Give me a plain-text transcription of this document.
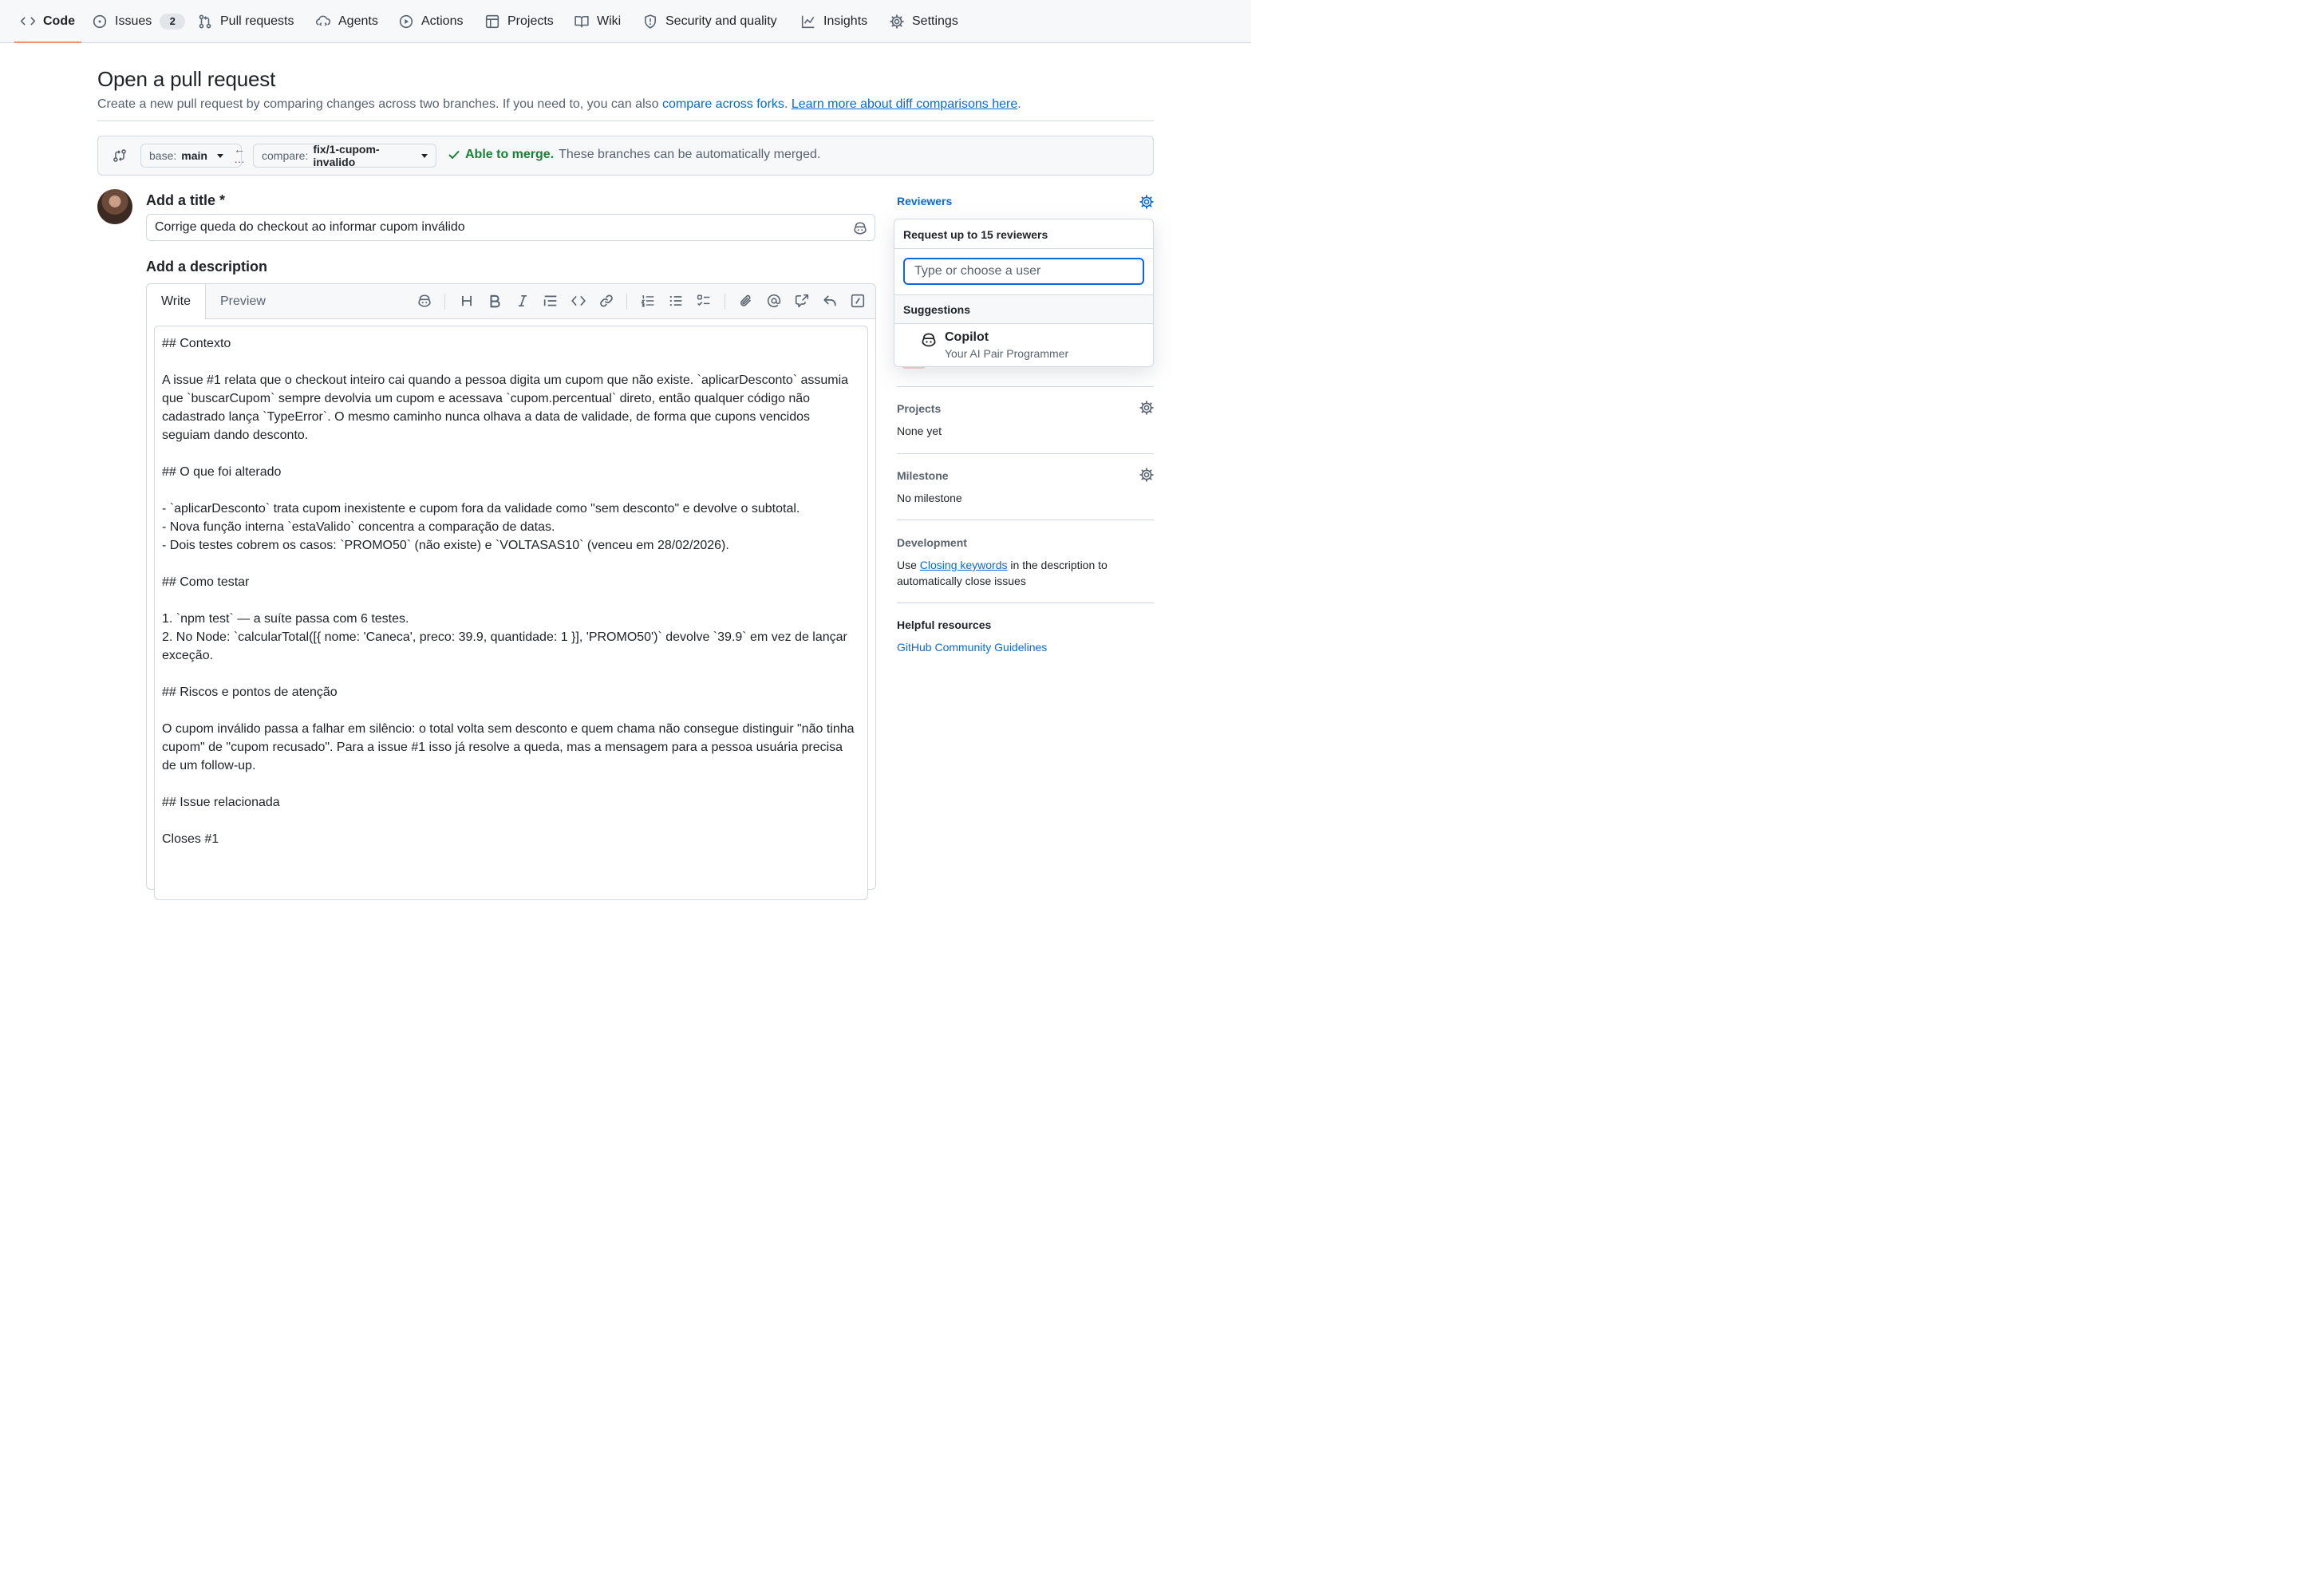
Code	Issues	2	Pull requests	Agents	Actions	Projects	Wiki	Security and quality	Insights	Settings
Open a pull request
Create a new pull request by comparing changes across two branches. If you need to, you can also compare across forks. Learn more about diff comparisons here.
base: main ←
… compare: fix/1-cupom-invalido
Able to merge. These branches can be automatically merged.
Add a title *
Corrige queda do checkout ao informar cupom inválido
Add a description
Write	Preview
## Contexto

A issue #1 relata que o checkout inteiro cai quando a pessoa digita um cupom que não existe. `aplicarDesconto` assumia que `buscarCupom` sempre devolvia um cupom e acessava `cupom.percentual` direto, então qualquer código não cadastrado lança `TypeError`. O mesmo caminho nunca olhava a data de validade, de forma que cupons vencidos seguiam dando desconto.

## O que foi alterado

- `aplicarDesconto` trata cupom inexistente e cupom fora da validade como "sem desconto" e devolve o subtotal.
- Nova função interna `estaValido` concentra a comparação de datas.
- Dois testes cobrem os casos: `PROMO50` (não existe) e `VOLTASAS10` (venceu em 28/02/2026).

## Como testar

1. `npm test` — a suíte passa com 6 testes.
2. No Node: `calcularTotal([{ nome: 'Caneca', preco: 39.9, quantidade: 1 }], 'PROMO50')` devolve `39.9` em vez de lançar exceção.

## Riscos e pontos de atenção

O cupom inválido passa a falhar em silêncio: o total volta sem desconto e quem chama não consegue distinguir "não tinha cupom" de "cupom recusado". Para a issue #1 isso já resolve a queda, mas a mensagem para a pessoa usuária precisa de um follow-up.

## Issue relacionada

Closes #1
Reviewers
Projects
None yet
Milestone
No milestone
Development
Use Closing keywords in the description to automatically close issues
Helpful resources
GitHub Community Guidelines
Request up to 15 reviewers
Type or choose a user
Suggestions
Copilot
Your AI Pair Programmer
